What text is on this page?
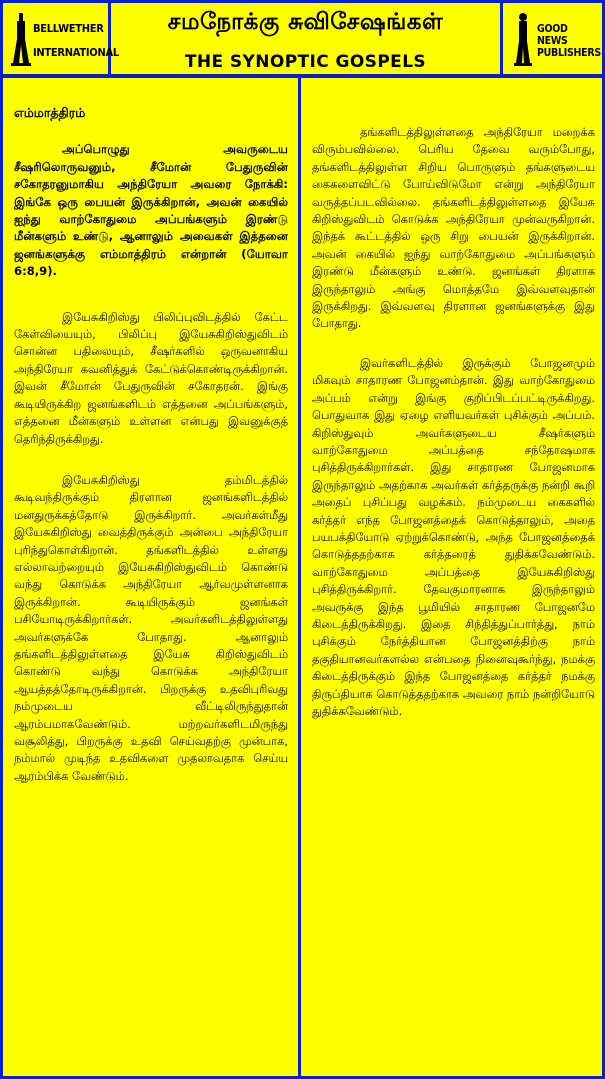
BELLWETHER
INTERNATIONAL
சமநோக்கு சுவிசேஷங்கள்
THE SYNOPTIC GOSPELS
GOOD NEWS
PUBLISHERS
எம்மாத்திரம்

அப்பொழுது அவருடைய சீஷரிலொருவனும், சீமோன் பேதுருவின் சகோதரனுமாகிய அந்திரேயா அவரை நோக்கி: இங்கே ஒரு பையன் இருக்கிறான், அவன் கையில் ஐந்து வாற்கோதுமை அப்பங்களும் இரண்டு மீன்களும் உண்டு, ஆனாலும் அவைகள் இத்தனை ஜனங்களுக்கு எம்மாத்திரம் என்றான் (யோவா 6:8,9).

இயேசுகிறிஸ்து பிலிப்புவிடத்தில் கேட்ட கேள்வியையும், பிலிப்பு இயேசுகிறிஸ்துவிடம் சொன்ன பதிலையும், சீஷர்களில் ஒருவனாகிய அந்திரேயா கவனித்துக் கேட்டுக்கொண்டிருக்கிறான். இவன் சீமோன் பேதுருவின் சகோதரன். இங்கு கூடியிருக்கிற ஜனங்களிடம் எத்தனை அப்பங்களும், எத்தனை மீன்களும் உள்ளன என்பது இவனுக்குத் தெரிந்திருக்கிறது.

இயேசுகிறிஸ்து தம்மிடத்தில் கூடிவந்திருக்கும் திரளான ஜனங்களிடத்தில் மனதுருக்கத்தோடு இருக்கிறார். அவர்கள்மீது இயேசுகிறிஸ்து வைத்திருக்கும் அன்பை அந்திரேயா புரிந்துகொள்கிறான். தங்களிடத்தில் உள்ளது எல்லாவற்றையும் இயேசுகிறிஸ்துவிடம் கொண்டு வந்து கொடுக்க அந்திரேயா ஆர்வமுள்ளனாக இருக்கிறான். கூடியிருக்கும் ஜனங்கள் பசியோடிருக்கிறார்கள். அவர்களிடத்திலுள்ளது அவர்களுக்கே போதாது. ஆனாலும் தங்களிடத்திலுள்ளதை இயேசு கிறிஸ்துவிடம் கொண்டு வந்து கொடுக்க அந்திரேயா ஆயத்தத்தோடிருக்கிறான். பிறருக்கு உதவிபுரிவது நம்முடைய வீட்டிலிருந்துதான் ஆரம்பமாகவேண்டும். மற்றவர்களிடமிருந்து வசூலித்து, பிறருக்கு உதவி செய்வதற்கு முன்பாக, நம்மால் முடிந்த உதவிகளை முதலாவதாக செய்ய ஆரம்பிக்க வேண்டும்.

தங்களிடத்திலுள்ளதை அந்திரேயா மறைக்க விரும்பவில்லை. பெரிய தேவை வரும்போது, தங்களிடத்திலுள்ள சிறிய பொருளும் தங்களுடைய கைகளைவிட்டு போய்விடுமோ என்று அந்திரேயா வருத்தப்படவில்லை. தங்களிடத்திலுள்ளதை இயேசு கிறிஸ்துவிடம் கொடுக்க அந்திரேயா முன்வருகிறான். இந்தக் கூட்டத்தில் ஒரு சிறு பையன் இருக்கிறான். அவன் கையில் ஐந்து வாற்கோதுமை அப்பங்களும் இரண்டு மீன்களும் உண்டு. ஜனங்கள் திரளாக இருந்தாலும் அங்கு மொத்தமே இவ்வளவுதான் இருக்கிறது. இவ்வளவு திரளான ஜனங்களுக்கு இது போதாது.

இவர்களிடத்தில் இருக்கும் போஜனமும் மிகவும் சாதாரண போஜனம்தான். இது வாற்கோதுமை அப்பம் என்று இங்கு குறிப்பிடப்பட்டிருக்கிறது. பொதுவாக இது ஏழை எளியவர்கள் புசிக்கும் அப்பம். கிறிஸ்துவும் அவர்களுடைய சீஷர்களும் வாற்கோதுமை அப்பத்தை சந்தோஷமாக புசித்திருக்கிறார்கள். இது சாதாரண போஜனமாக இருந்தாலும் அதற்காக அவர்கள் கர்த்தருக்கு நன்றி கூறி அதைப் புசிப்பது வழக்கம். நம்முடைய கைகளில் கர்த்தர் எந்த போஜனத்தைக் கொடுத்தாலும், அதை பயபக்தியோடு ஏற்றுக்கொண்டு, அந்த போஜனத்தைக் கொடுத்ததற்காக கர்த்தரைத் துதிக்கவேண்டும். வாற்கோதுமை அப்பத்தை இயேசுகிறிஸ்து புசித்திருக்கிறார். தேவகுமாரனாக இருந்தாலும் அவருக்கு இந்த பூமியில் சாதாரண போஜனமே கிடைத்திருக்கிறது. இதை சிந்தித்துப்பார்த்து, நாம் புசிக்கும் நேர்த்தியான போஜனத்திற்கு நாம் தகுதியானவர்களல்ல என்பதை நினைவுகூர்ந்து, நமக்கு கிடைத்திருக்கும் இந்த போஜனத்தை கர்த்தர் நமக்கு திருப்தியாக கொடுத்ததற்காக அவரை நாம் நன்றியோடு துதிக்கவேண்டும்.
